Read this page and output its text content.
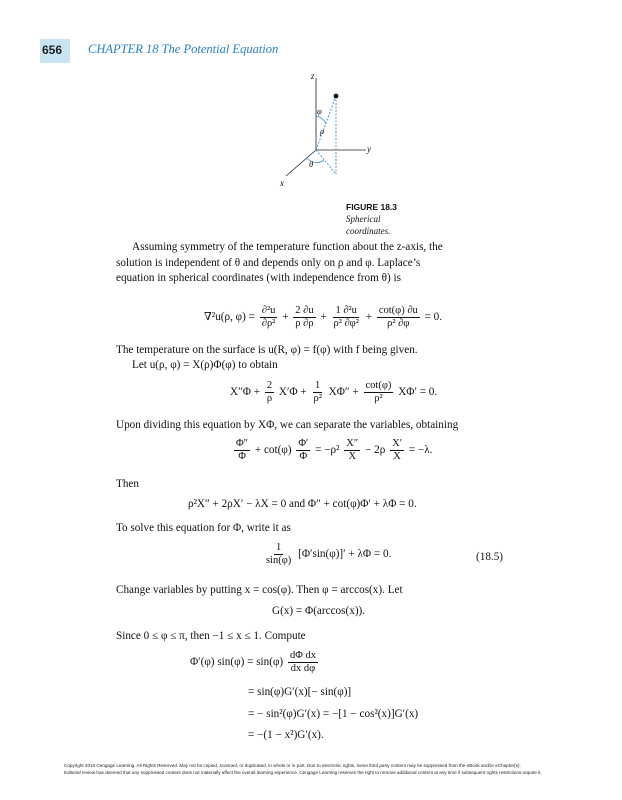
656 CHAPTER 18 The Potential Equation
z
y
x
φ
ρ
θ
FIGURE 18.3 Spherical coordinates.
Assuming symmetry of the temperature function about the z-axis, the solution is independent of θ and depends only on ρ and φ. Laplace’s equation in spherical coordinates (with independence from θ) is
∇²u(ρ, $\varphi) = \frac{\text{∂²u}}{\text{∂ρ²}} + \frac{2 \partial u}{\rho \partial\rho} + \frac{\text{1 ∂²u}}{\text{ρ² ∂φ²}} + \frac{\cot(\varphi) \partial u}{\text{ρ² ∂φ}} = 0$.
The temperature on the surface is u(R, φ) = f(φ) with f being given.
Let u(ρ, φ) = X(ρ)Φ(φ) to obtain
$X''\Phi + \frac{2}{\rho} X'\Phi + \frac{1}{\text{ρ²}} X\Phi'' + \frac{\cot(\varphi)}{\text{ρ²}} X\Phi' = 0$.
Upon dividing this equation by XΦ, we can separate the variables, obtaining
$\frac{\Phi''}{\Phi} + \cot(\varphi) \frac{\Phi'}{\Phi} = -\rho^2 \frac{X''}{X} - 2\rho \frac{X'}{X} = -\lambda$.
Then
ρ²X″ + 2ρX′ − λX = 0 and Φ″ + cot(φ)Φ′ + λΦ = 0.
To solve this equation for Φ, write it as
$\frac{1}{\sin(\varphi)} [\Phi'\sin(\varphi)]' + \lambda\Phi = 0$.	(18.5)
Change variables by putting x = cos(φ). Then φ = arccos(x). Let
G(x) = Φ(arccos(x)).
Since 0 ≤ φ ≤ π, then −1 ≤ x ≤ 1. Compute
Φ′(φ) $\sin(\varphi) = \sin(\varphi) \frac{\text{dΦ dx}}{\text{dx dφ}}$
= sin(φ)G′(x)[− sin(φ)]
= − sin²(φ)G′(x) = −[1 − cos²(x)]G′(x)
= −(1 − x²)G′(x).
Copyright 2010 Cengage Learning. All Rights Reserved. May not be copied, scanned, or duplicated, in whole or in part. Due to electronic rights, some third party content may be suppressed from the eBook and/or eChapter(s).
Editorial review has deemed that any suppressed content does not materially affect the overall learning experience. Cengage Learning reserves the right to remove additional content at any time if subsequent rights restrictions require it.
